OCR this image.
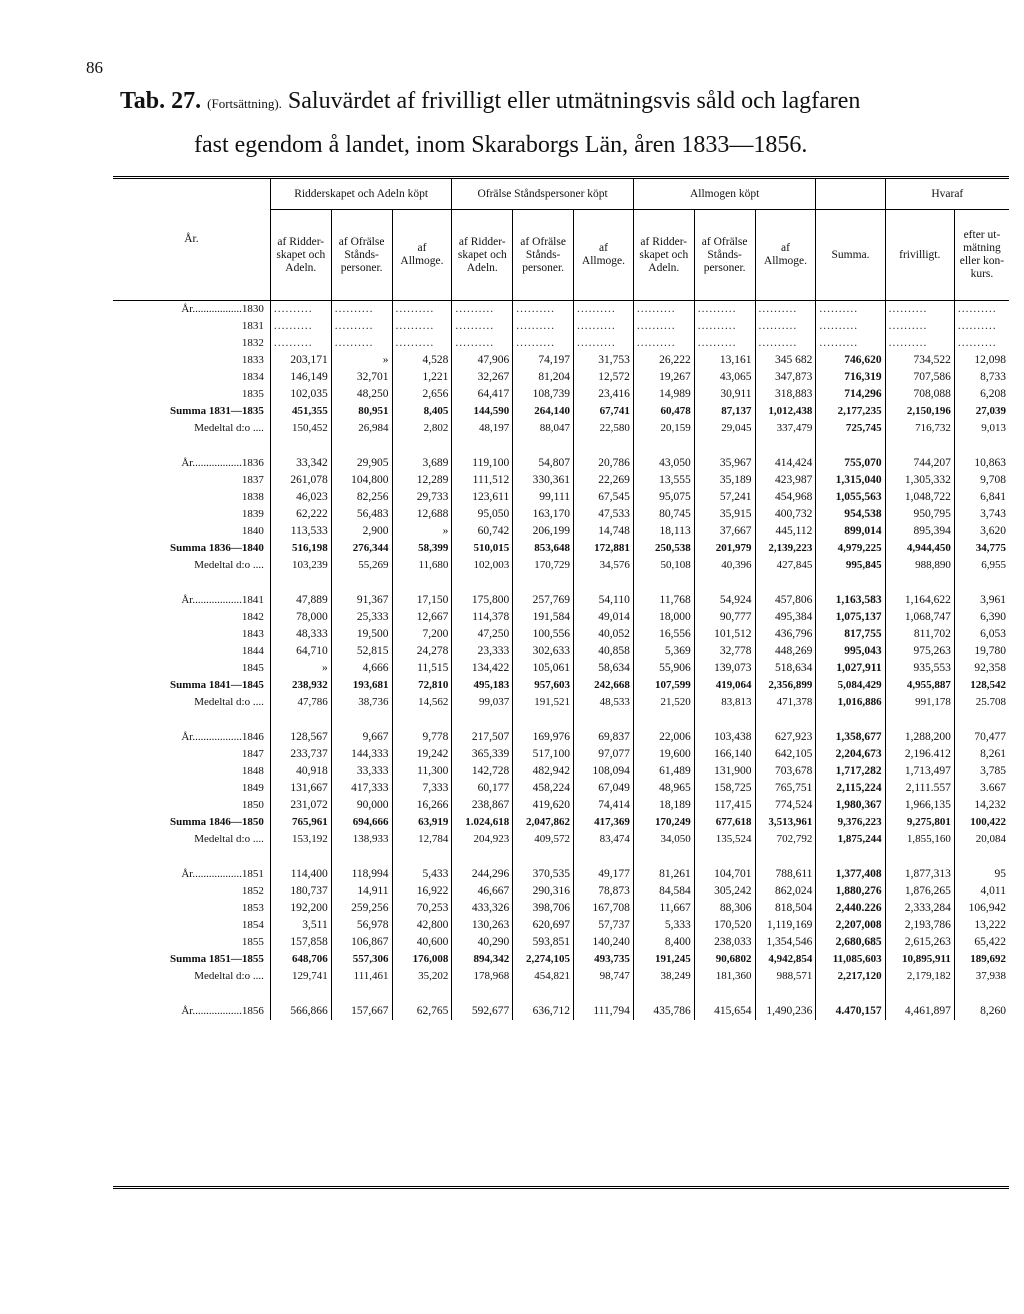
86
Tab. 27. (Fortsättning). Saluvärdet af frivilligt eller utmätningsvis såld och lagfaren
fast egendom å landet, inom Skaraborgs Län, åren 1833—1856.
År.	Ridderskapet och Adeln köpt			Ofrälse Ståndspersoner köpt			Allmogen köpt				Hvaraf	
	af Ridder-skapet och Adeln.	af Ofrälse Stånds-personer.	af Allmoge.	af Ridder-skapet och Adeln.	af Ofrälse Stånds-personer.	af Allmoge.	af Ridder-skapet och Adeln.	af Ofrälse Stånds-personer.	af Allmoge.	Summa.	frivilligt.	efter ut-mätning eller kon-kurs.
År..................1830	..........	..........	..........	..........	..........	..........	..........	..........	..........	..........	..........	..........
1831	..........	..........	..........	..........	..........	..........	..........	..........	..........	..........	..........	..........
1832	..........	..........	..........	..........	..........	..........	..........	..........	..........	..........	..........	..........
1833	203,171	»	4,528	47,906	74,197	31,753	26,222	13,161	345 682	746,620	734,522	12,098
1834	146,149	32,701	1,221	32,267	81,204	12,572	19,267	43,065	347,873	716,319	707,586	8,733
1835	102,035	48,250	2,656	64,417	108,739	23,416	14,989	30,911	318,883	714,296	708,088	6,208
Summa 1831—1835	451,355	80,951	8,405	144,590	264,140	67,741	60,478	87,137	1,012,438	2,177,235	2,150,196	27,039
Medeltal d:o ....	150,452	26,984	2,802	48,197	88,047	22,580	20,159	29,045	337,479	725,745	716,732	9,013

År..................1836	33,342	29,905	3,689	119,100	54,807	20,786	43,050	35,967	414,424	755,070	744,207	10,863
1837	261,078	104,800	12,289	111,512	330,361	22,269	13,555	35,189	423,987	1,315,040	1,305,332	9,708
1838	46,023	82,256	29,733	123,611	99,111	67,545	95,075	57,241	454,968	1,055,563	1,048,722	6,841
1839	62,222	56,483	12,688	95,050	163,170	47,533	80,745	35,915	400,732	954,538	950,795	3,743
1840	113,533	2,900	»	60,742	206,199	14,748	18,113	37,667	445,112	899,014	895,394	3,620
Summa 1836—1840	516,198	276,344	58,399	510,015	853,648	172,881	250,538	201,979	2,139,223	4,979,225	4,944,450	34,775
Medeltal d:o ....	103,239	55,269	11,680	102,003	170,729	34,576	50,108	40,396	427,845	995,845	988,890	6,955

År..................1841	47,889	91,367	17,150	175,800	257,769	54,110	11,768	54,924	457,806	1,163,583	1,164,622	3,961
1842	78,000	25,333	12,667	114,378	191,584	49,014	18,000	90,777	495,384	1,075,137	1,068,747	6,390
1843	48,333	19,500	7,200	47,250	100,556	40,052	16,556	101,512	436,796	817,755	811,702	6,053
1844	64,710	52,815	24,278	23,333	302,633	40,858	5,369	32,778	448,269	995,043	975,263	19,780
1845	»	4,666	11,515	134,422	105,061	58,634	55,906	139,073	518,634	1,027,911	935,553	92,358
Summa 1841—1845	238,932	193,681	72,810	495,183	957,603	242,668	107,599	419,064	2,356,899	5,084,429	4,955,887	128,542
Medeltal d:o ....	47,786	38,736	14,562	99,037	191,521	48,533	21,520	83,813	471,378	1,016,886	991,178	25.708

År..................1846	128,567	9,667	9,778	217,507	169,976	69,837	22,006	103,438	627,923	1,358,677	1,288,200	70,477
1847	233,737	144,333	19,242	365,339	517,100	97,077	19,600	166,140	642,105	2,204,673	2,196.412	8,261
1848	40,918	33,333	11,300	142,728	482,942	108,094	61,489	131,900	703,678	1,717,282	1,713,497	3,785
1849	131,667	417,333	7,333	60,177	458,224	67,049	48,965	158,725	765,751	2,115,224	2,111.557	3.667
1850	231,072	90,000	16,266	238,867	419,620	74,414	18,189	117,415	774,524	1,980,367	1,966,135	14,232
Summa 1846—1850	765,961	694,666	63,919	1.024,618	2,047,862	417,369	170,249	677,618	3,513,961	9,376,223	9,275,801	100,422
Medeltal d:o ....	153,192	138,933	12,784	204,923	409,572	83,474	34,050	135,524	702,792	1,875,244	1,855,160	20,084

År..................1851	114,400	118,994	5,433	244,296	370,535	49,177	81,261	104,701	788,611	1,377,408	1,877,313	95
1852	180,737	14,911	16,922	46,667	290,316	78,873	84,584	305,242	862,024	1,880,276	1,876,265	4,011
1853	192,200	259,256	70,253	433,326	398,706	167,708	11,667	88,306	818,504	2,440.226	2,333,284	106,942
1854	3,511	56,978	42,800	130,263	620,697	57,737	5,333	170,520	1,119,169	2,207,008	2,193,786	13,222
1855	157,858	106,867	40,600	40,290	593,851	140,240	8,400	238,033	1,354,546	2,680,685	2,615,263	65,422
Summa 1851—1855	648,706	557,306	176,008	894,342	2,274,105	493,735	191,245	90,6802	4,942,854	11,085,603	10,895,911	189,692
Medeltal d:o ....	129,741	111,461	35,202	178,968	454,821	98,747	38,249	181,360	988,571	2,217,120	2,179,182	37,938

År..................1856	566,866	157,667	62,765	592,677	636,712	111,794	435,786	415,654	1,490,236	4.470,157	4,461,897	8,260
